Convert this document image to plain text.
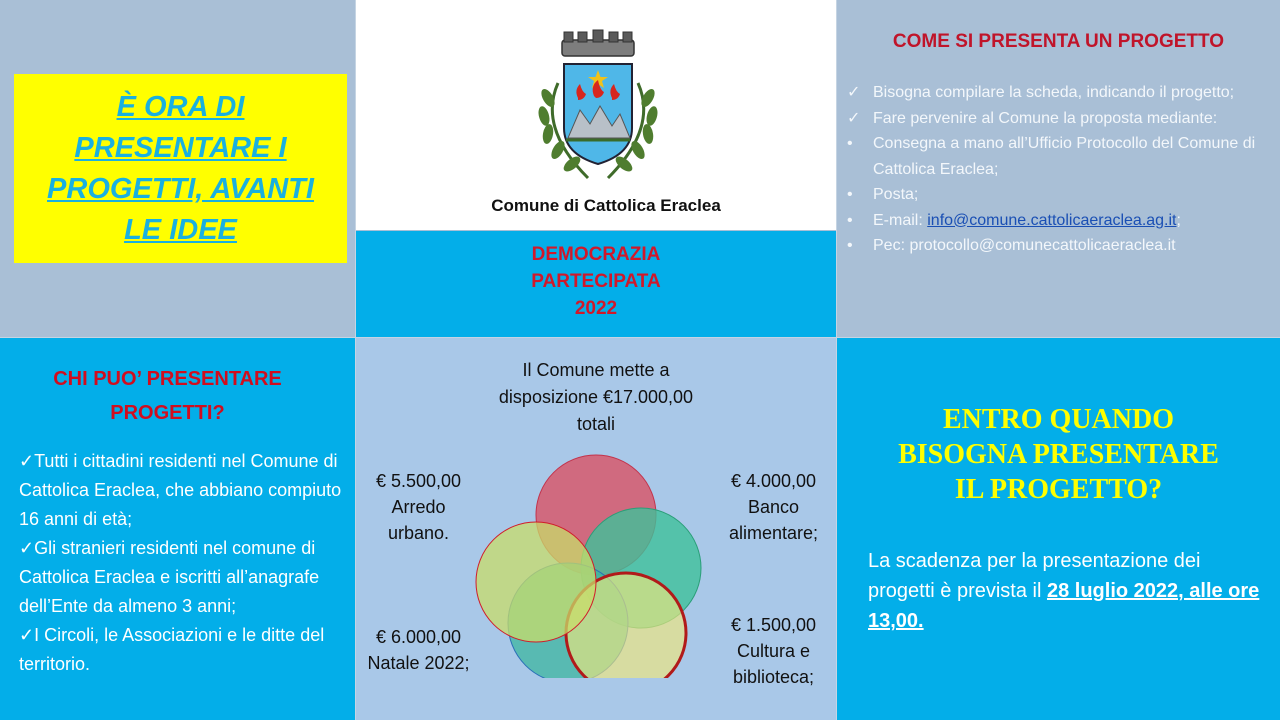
È ORA DI
PRESENTARE I
PROGETTI, AVANTI
LE IDEE
Comune di Cattolica Eraclea
DEMOCRAZIA
PARTECIPATA
2022
COME SI PRESENTA UN PROGETTO
✓ Bisogna compilare la scheda, indicando il progetto;
✓ Fare pervenire al Comune la proposta mediante:
•	Consegna a mano all’Ufficio Protocollo del Comune di Cattolica Eraclea;
•	Posta;
•	E-mail: info@comune.cattolicaeraclea.ag.it;
•	Pec: protocollo@comunecattolicaeraclea.it
CHI PUO’ PRESENTARE
PROGETTI?
✓Tutti i cittadini residenti nel Comune di Cattolica Eraclea, che abbiano compiuto 16 anni di età;
✓Gli stranieri residenti nel comune di Cattolica Eraclea e iscritti all’anagrafe dell’Ente da almeno 3 anni;
✓I Circoli, le Associazioni e le ditte del territorio.
Il Comune mette a
disposizione €17.000,00
totali
€ 5.500,00
Arredo
urbano.
€ 4.000,00
Banco
alimentare;
€ 6.000,00
Natale 2022;
€ 1.500,00
Cultura e
biblioteca;
ENTRO QUANDO
BISOGNA PRESENTARE
IL PROGETTO?
La scadenza per la presentazione dei progetti è prevista il 28 luglio 2022, alle ore 13,00.
